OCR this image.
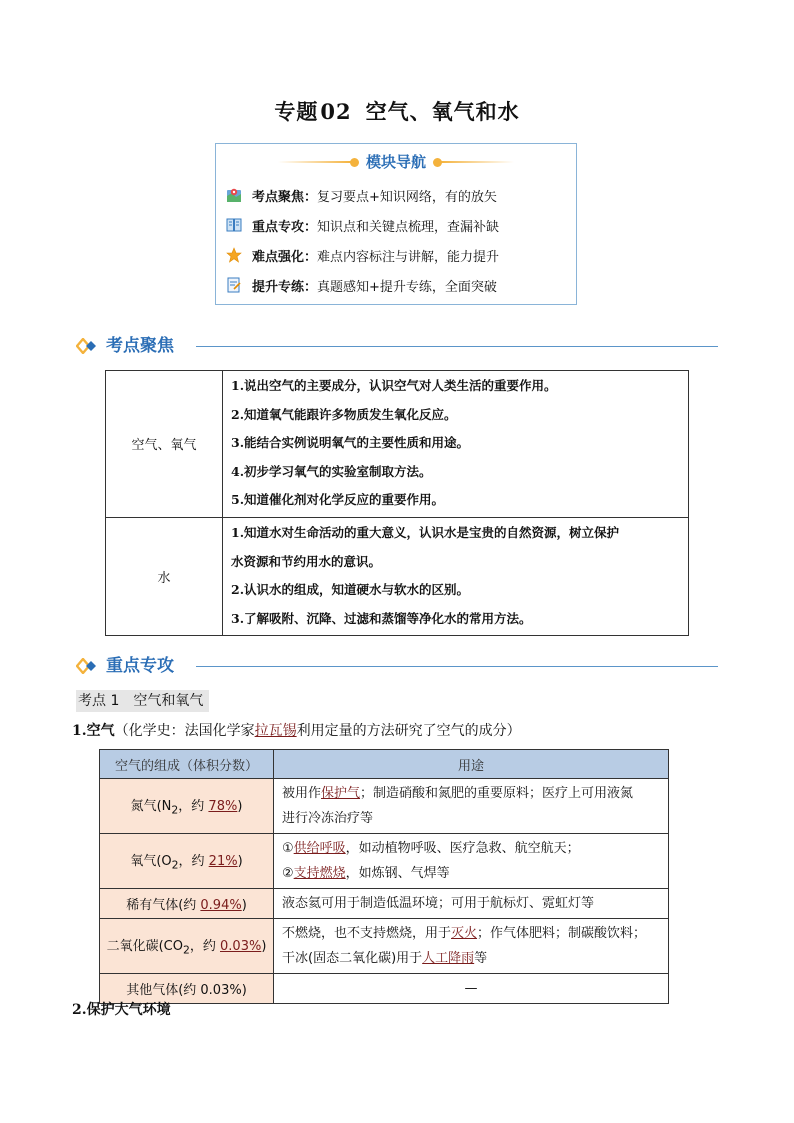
专题02 空气、氧气和水
模块导航
考点聚焦： 复习要点+知识网络，有的放矢
重点专攻： 知识点和关键点梳理，查漏补缺
难点强化： 难点内容标注与讲解，能力提升
提升专练： 真题感知+提升专练，全面突破
考点聚焦
空气、氧气	1.说出空气的主要成分，认识空气对人类生活的重要作用。
2.知道氧气能跟许多物质发生氧化反应。
3.能结合实例说明氧气的主要性质和用途。
4.初步学习氧气的实验室制取方法。
5.知道催化剂对化学反应的重要作用。

水	1.知道水对生命活动的重大意义，认识水是宝贵的自然资源，树立保护
水资源和节约用水的意识。
2.认识水的组成，知道硬水与软水的区别。
3.了解吸附、沉降、过滤和蒸馏等净化水的常用方法。
重点专攻
考点 1　空气和氧气
1.空气（化学史：法国化学家拉瓦锡利用定量的方法研究了空气的成分）
空气的组成（体积分数）	用途
氮气($N_2$，约 78%)	被用作保护气；制造硝酸和氮肥的重要原料；医疗上可用液氮
进行冷冻治疗等

氧气($O_2$，约 21%)	①供给呼吸，如动植物呼吸、医疗急救、航空航天；
②支持燃烧，如炼钢、气焊等

稀有气体(约 0.94%)	液态氦可用于制造低温环境；可用于航标灯、霓虹灯等
二氧化碳($CO_2$，约 0.03%)	不燃烧，也不支持燃烧，用于灭火；作气体肥料；制碳酸饮料；
干冰(固态二氧化碳)用于人工降雨等

其他气体(约 0.03%)	—
2.保护大气环境
